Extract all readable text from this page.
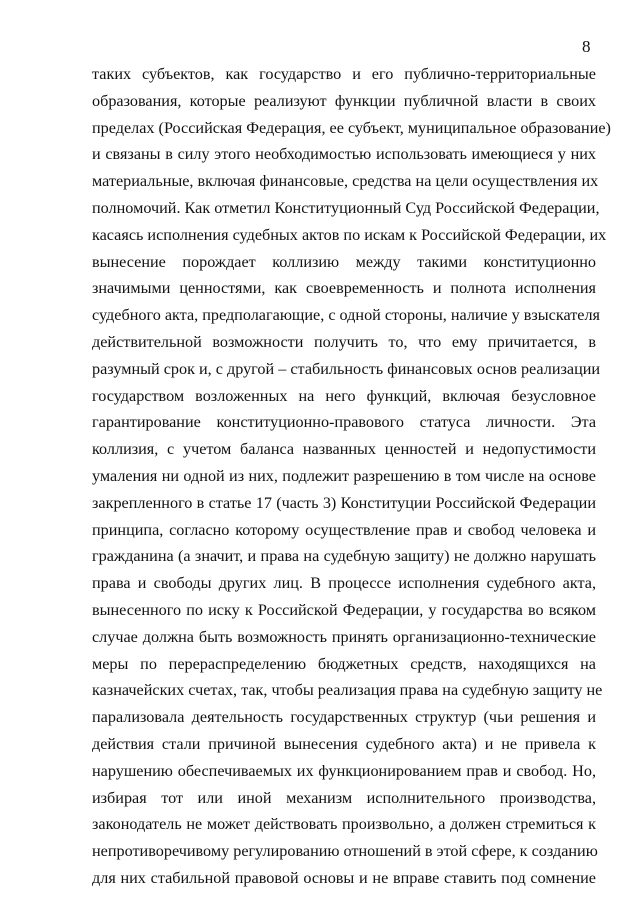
8
таких субъектов, как государство и его публично-территориальные
образования, которые реализуют функции публичной власти в своих
пределах (Российская Федерация, ее субъект, муниципальное образование)
и связаны в силу этого необходимостью использовать имеющиеся у них
материальные, включая финансовые, средства на цели осуществления их
полномочий. Как отметил Конституционный Суд Российской Федерации,
касаясь исполнения судебных актов по искам к Российской Федерации, их
вынесение порождает коллизию между такими конституционно
значимыми ценностями, как своевременность и полнота исполнения
судебного акта, предполагающие, с одной стороны, наличие у взыскателя
действительной возможности получить то, что ему причитается, в
разумный срок и, с другой – стабильность финансовых основ реализации
государством возложенных на него функций, включая безусловное
гарантирование конституционно-правового статуса личности. Эта
коллизия, с учетом баланса названных ценностей и недопустимости
умаления ни одной из них, подлежит разрешению в том числе на основе
закрепленного в статье 17 (часть 3) Конституции Российской Федерации
принципа, согласно которому осуществление прав и свобод человека и
гражданина (а значит, и права на судебную защиту) не должно нарушать
права и свободы других лиц. В процессе исполнения судебного акта,
вынесенного по иску к Российской Федерации, у государства во всяком
случае должна быть возможность принять организационно-технические
меры по перераспределению бюджетных средств, находящихся на
казначейских счетах, так, чтобы реализация права на судебную защиту не
парализовала деятельность государственных структур (чьи решения и
действия стали причиной вынесения судебного акта) и не привела к
нарушению обеспечиваемых их функционированием прав и свобод. Но,
избирая тот или иной механизм исполнительного производства,
законодатель не может действовать произвольно, а должен стремиться к
непротиворечивому регулированию отношений в этой сфере, к созданию
для них стабильной правовой основы и не вправе ставить под сомнение
